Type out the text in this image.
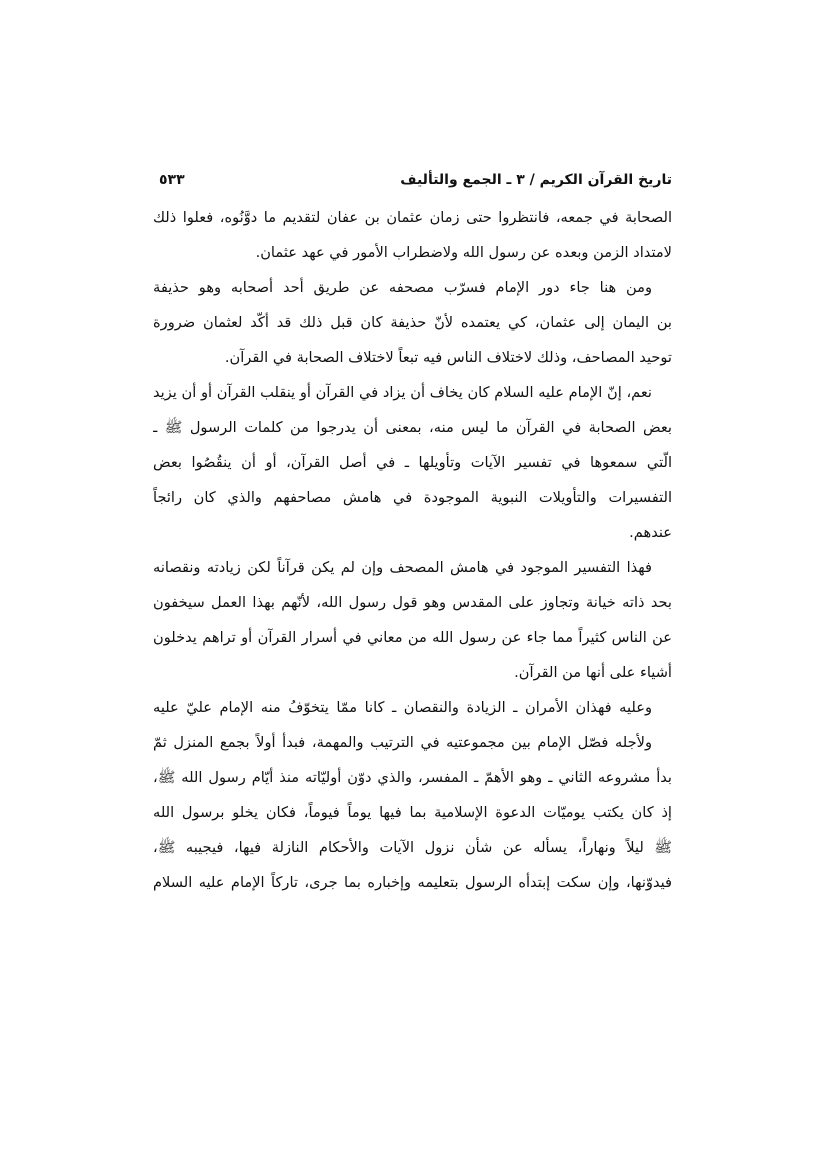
تاريخ القرآن الكريم / ٣ ـ الجمع والتأليف
٥٣٣
الصحابة في جمعه، فانتظروا حتى زمان عثمان بن عفان لتقديم ما دوَّنُوه، فعلوا ذلك
لامتداد الزمن وبعده عن رسول الله ولاضطراب الأمور في عهد عثمان.
ومن هنا جاء دور الإمام فسرّب مصحفه عن طريق أحد أصحابه وهو حذيفة
بن اليمان إلى عثمان، كي يعتمده لأنّ حذيفة كان قبل ذلك قد أكّد لعثمان ضرورة
توحيد المصاحف، وذلك لاختلاف الناس فيه تبعاً لاختلاف الصحابة في القرآن.
نعم، إنّ الإمام عليه السلام كان يخاف أن يزاد في القرآن أو ينقلب القرآن أو أن يزيد
بعض الصحابة في القرآن ما ليس منه، بمعنى أن يدرجوا من كلمات الرسول ﷺ ـ
الّتي سمعوها في تفسير الآيات وتأويلها ـ في أصل القرآن، أو أن ينقُصُوا بعض
التفسيرات والتأويلات النبوية الموجودة في هامش مصاحفهم والذي كان رائجاً
عندهم.
فهذا التفسير الموجود في هامش المصحف وإن لم يكن قرآناً لكن زيادته ونقصانه
بحد ذاته خيانة وتجاوز على المقدس وهو قول رسول الله، لأنّهم بهذا العمل سيخفون
عن الناس كثيراً مما جاء عن رسول الله من معاني في أسرار القرآن أو تراهم يدخلون
أشياء على أنها من القرآن.
وعليه فهذان الأمران ـ الزيادة والنقصان ـ كانا ممّا يتخوّفُ منه الإمام عليّ عليه
ولأجله فصّل الإمام بين مجموعتيه في الترتيب والمهمة، فبدأ أولاً بجمع المنزل ثمّ
بدأ مشروعه الثاني ـ وهو الأهمّ ـ المفسر، والذي دوّن أوليّاته منذ أيّام رسول الله ﷺ،
إذ كان يكتب يوميّات الدعوة الإسلامية بما فيها يوماً فيوماً، فكان يخلو برسول الله
ﷺ ليلاً ونهاراً، يسأله عن شأن نزول الآيات والأحكام النازلة فيها، فيجيبه ﷺ،
فيدوّنها، وإن سكت إبتدأه الرسول بتعليمه وإخباره بما جرى، تاركاً الإمام عليه السلام
